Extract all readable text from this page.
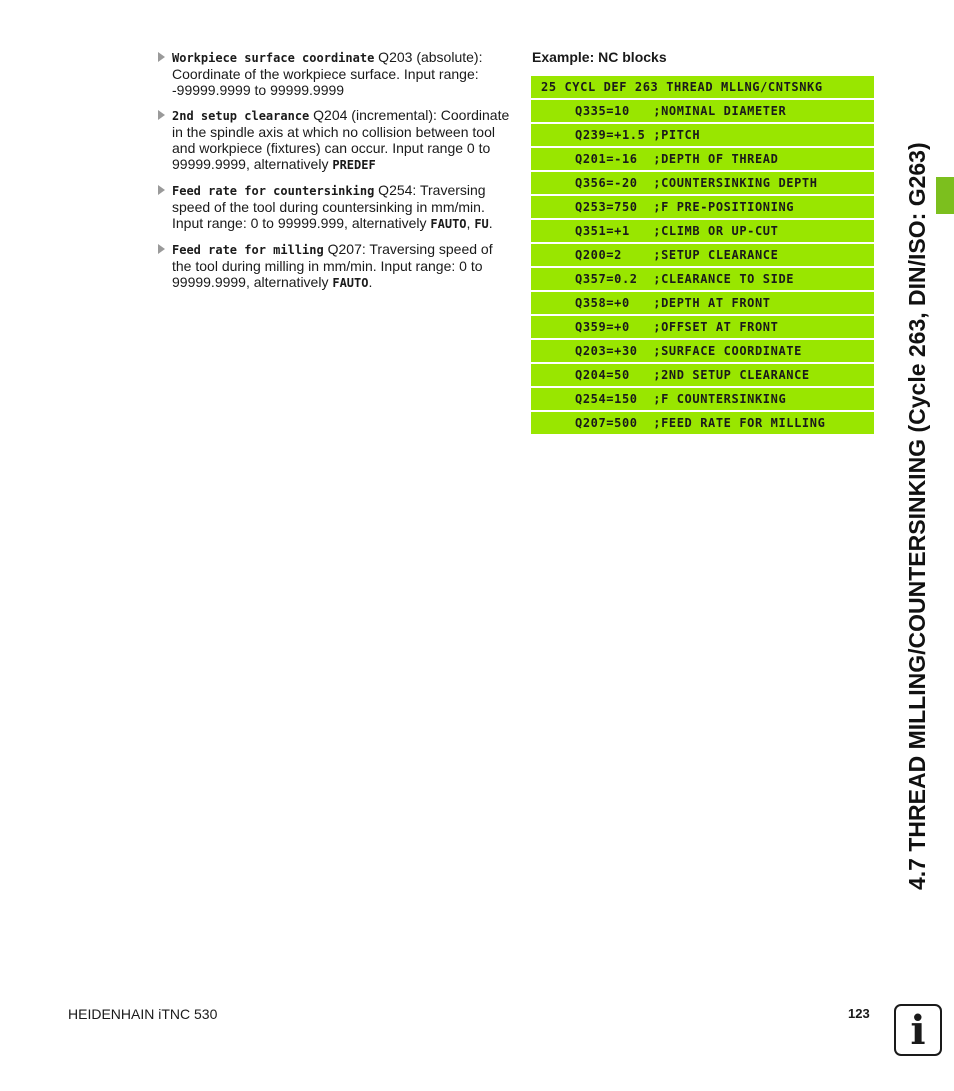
Workpiece surface coordinate Q203 (absolute): Coordinate of the workpiece surface. Input range: -99999.9999 to 99999.9999
2nd setup clearance Q204 (incremental): Coordinate in the spindle axis at which no collision between tool and workpiece (fixtures) can occur. Input range 0 to 99999.9999, alternatively PREDEF
Feed rate for countersinking Q254: Traversing speed of the tool during countersinking in mm/min. Input range: 0 to 99999.999, alternatively FAUTO, FU.
Feed rate for milling Q207: Traversing speed of the tool during milling in mm/min. Input range: 0 to 99999.9999, alternatively FAUTO.
Example: NC blocks
25 CYCL DEF 263 THREAD MLLNG/CNTSNKG
Q335=10   ;NOMINAL DIAMETER
Q239=+1.5 ;PITCH
Q201=-16  ;DEPTH OF THREAD
Q356=-20  ;COUNTERSINKING DEPTH
Q253=750  ;F PRE-POSITIONING
Q351=+1   ;CLIMB OR UP-CUT
Q200=2    ;SETUP CLEARANCE
Q357=0.2  ;CLEARANCE TO SIDE
Q358=+0   ;DEPTH AT FRONT
Q359=+0   ;OFFSET AT FRONT
Q203=+30  ;SURFACE COORDINATE
Q204=50   ;2ND SETUP CLEARANCE
Q254=150  ;F COUNTERSINKING
Q207=500  ;FEED RATE FOR MILLING	4.7 THREAD MILLING/COUNTERSINKING (Cycle 263, DIN/ISO: G263)
HEIDENHAIN iTNC 530	123	i
